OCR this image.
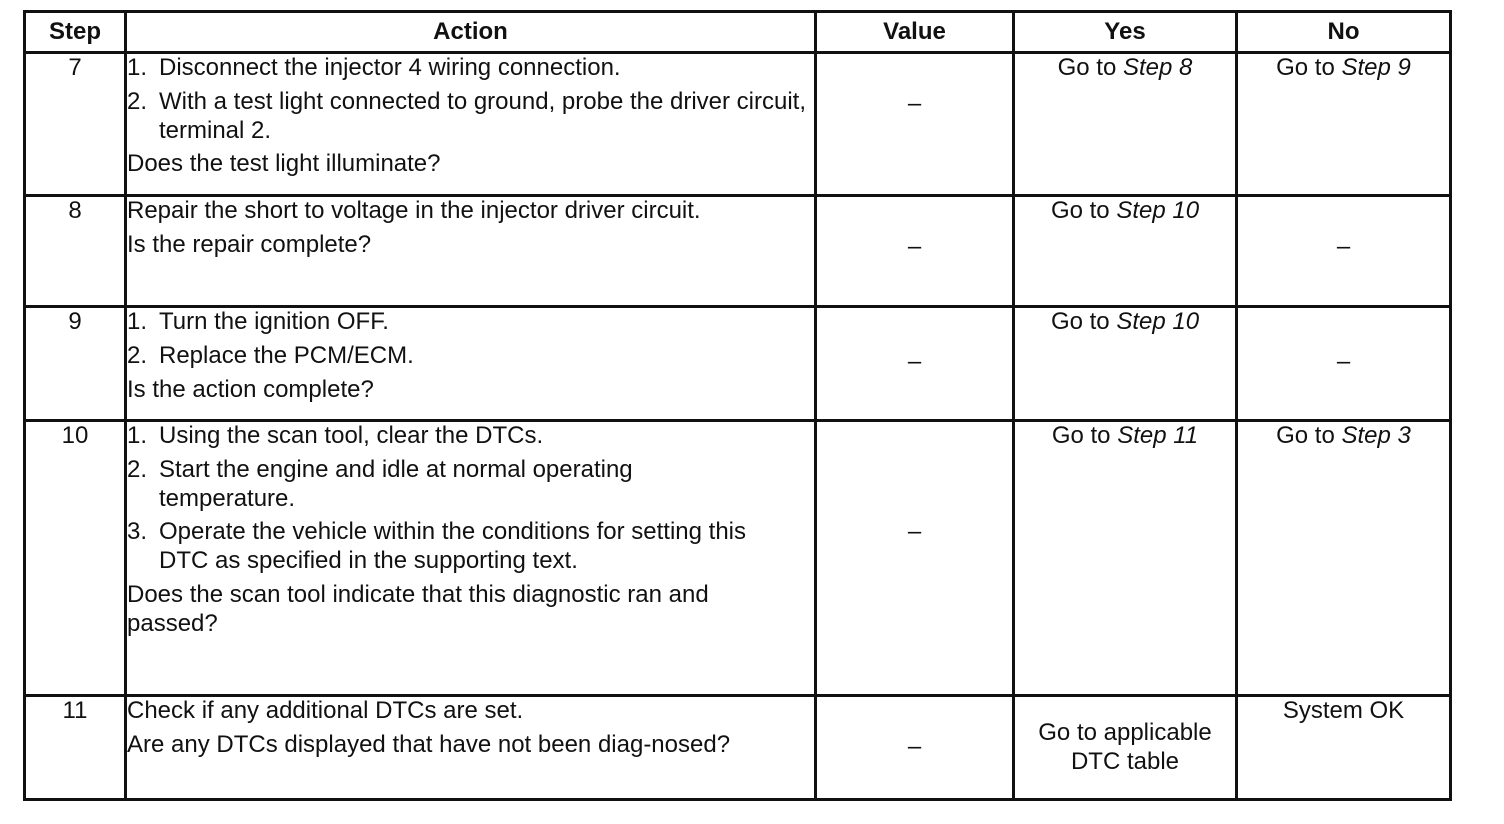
Step	Action	Value	Yes	No
7	1. Disconnect the injector 4 wiring connection.
2. With a test light connected to ground, probe the driver circuit, terminal 2.
Does the test light illuminate?	–	Go to Step 8	Go to Step 9
8	Repair the short to voltage in the injector driver circuit.
Is the repair complete?	–	Go to Step 10	–

9	1. Turn the ignition OFF.
2. Replace the PCM/ECM.
Is the action complete?	–	Go to Step 10	–

10	1. Using the scan tool, clear the DTCs.
2. Start the engine and idle at normal operating temperature.
3. Operate the vehicle within the conditions for setting this DTC as specified in the supporting text.
Does the scan tool indicate that this diagnostic ran and passed?	–	Go to Step 11	Go to Step 3
11	Check if any additional DTCs are set.
Are any DTCs displayed that have not been diag-nosed?	–	Go to applicable DTC table	System OK
